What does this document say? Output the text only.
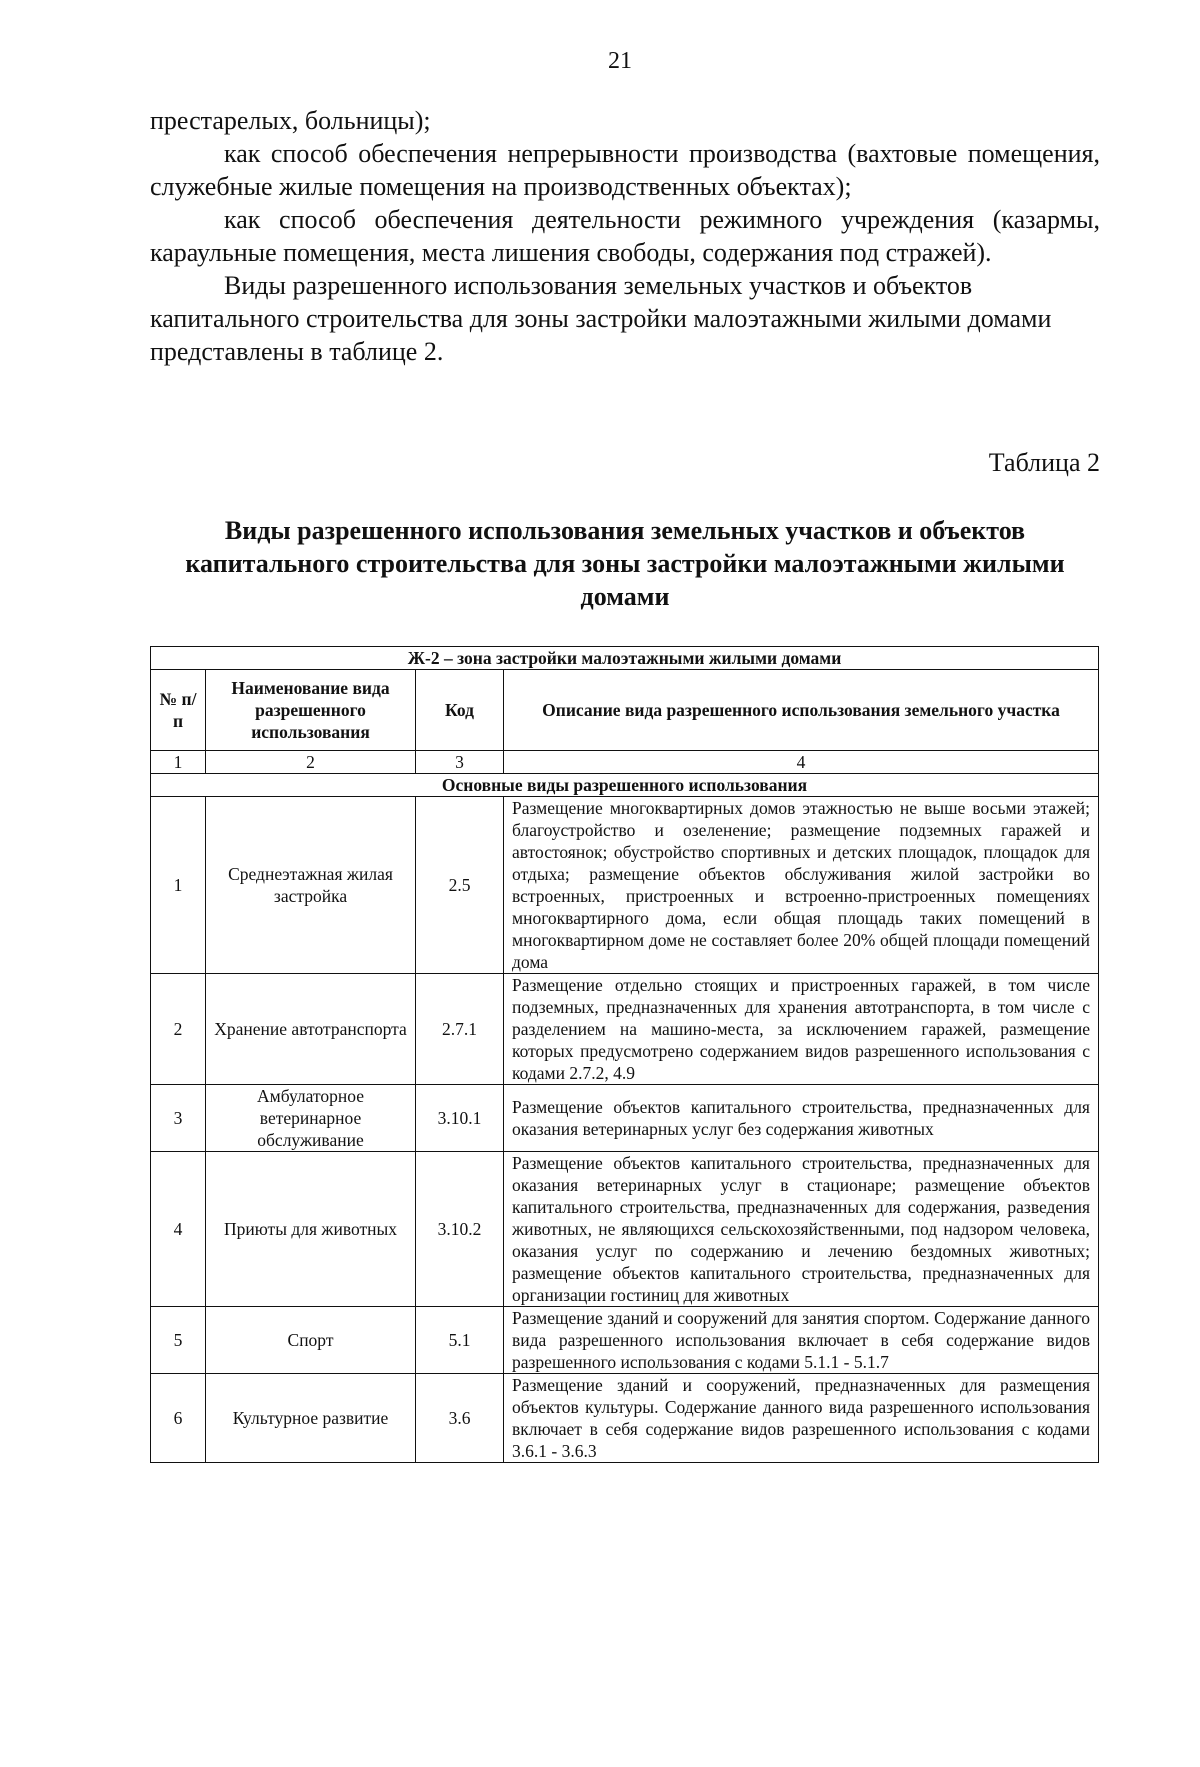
21

престарелых, больницы);

как способ обеспечения непрерывности производства (вахтовые помещения, служебные жилые помещения на производственных объектах);

как способ обеспечения деятельности режимного учреждения (казармы, караульные помещения, места лишения свободы, содержания под стражей).

Виды разрешенного использования земельных участков и объектов капитального строительства для зоны застройки малоэтажными жилыми домами представлены в таблице 2.

Таблица 2
Виды разрешенного использования земельных участков и объектов капитального строительства для зоны застройки малоэтажными жилыми домами
Ж-2 – зона застройки малоэтажными жилыми домами			
№ п/п	Наименование вида разрешенного использования	Код	Описание вида разрешенного использования земельного участка
1	2	3	4
Основные виды разрешенного использования			
1	Среднеэтажная жилая застройка	2.5	Размещение многоквартирных домов этажностью не выше восьми этажей; благоустройство и озеленение; размещение подземных гаражей и автостоянок; обустройство спортивных и детских площадок, площадок для отдыха; размещение объектов обслуживания жилой застройки во встроенных, пристроенных и встроенно-пристроенных помещениях многоквартирного дома, если общая площадь таких помещений в многоквартирном доме не составляет более 20% общей площади помещений дома
2	Хранение автотранспорта	2.7.1	Размещение отдельно стоящих и пристроенных гаражей, в том числе подземных, предназначенных для хранения автотранспорта, в том числе с разделением на машино-места, за исключением гаражей, размещение которых предусмотрено содержанием видов разрешенного использования с кодами 2.7.2, 4.9
3	Амбулаторное ветеринарное обслуживание	3.10.1	Размещение объектов капитального строительства, предназначенных для оказания ветеринарных услуг без содержания животных
4	Приюты для животных	3.10.2	Размещение объектов капитального строительства, предназначенных для оказания ветеринарных услуг в стационаре; размещение объектов капитального строительства, предназначенных для содержания, разведения животных, не являющихся сельскохозяйственными, под надзором человека, оказания услуг по содержанию и лечению бездомных животных; размещение объектов капитального строительства, предназначенных для организации гостиниц для животных
5	Спорт	5.1	Размещение зданий и сооружений для занятия спортом. Содержание данного вида разрешенного использования включает в себя содержание видов разрешенного использования с кодами 5.1.1 - 5.1.7
6	Культурное развитие	3.6	Размещение зданий и сооружений, предназначенных для размещения объектов культуры. Содержание данного вида разрешенного использования включает в себя содержание видов разрешенного использования с кодами 3.6.1 - 3.6.3
